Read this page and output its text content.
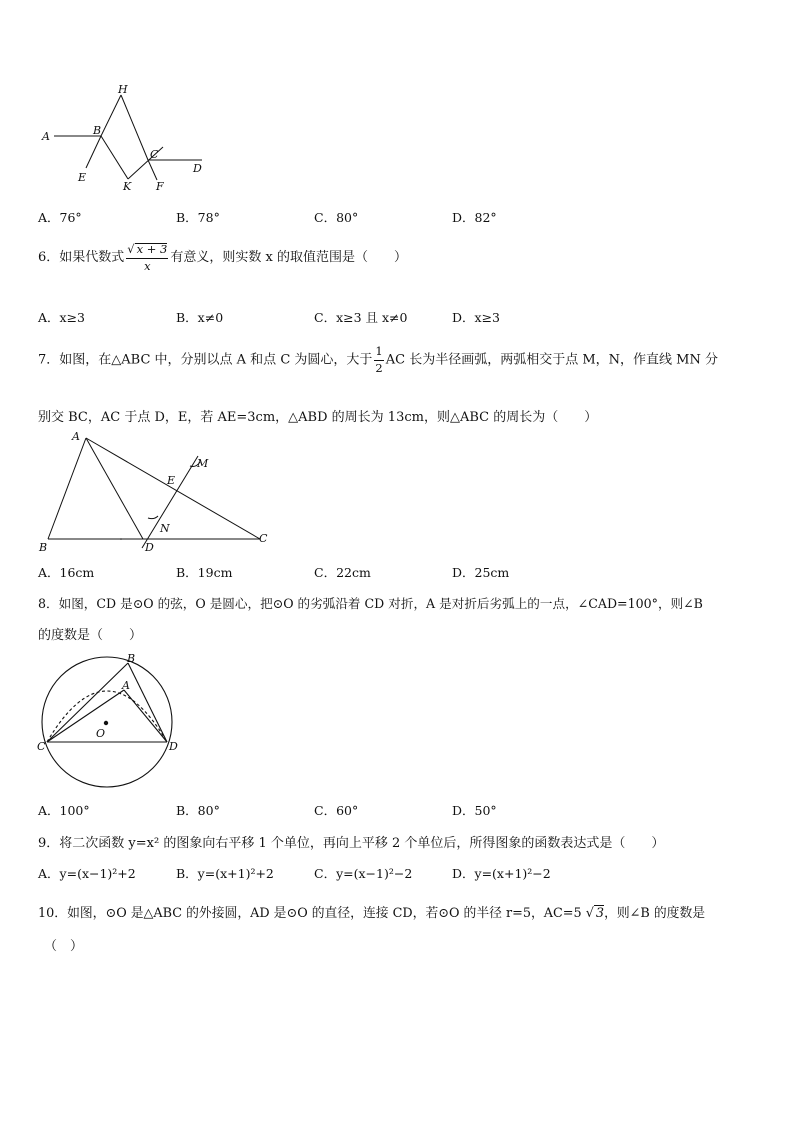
A	B
H
C
D
E
K F
A．76°	B．78°	C．80°	D．82°
6．如果代数式 $\frac{√ x + 3}{x}$ 有意义，则实数 x 的取值范围是（　　）
A．x≥3	B．x≠0	C．x≥3 且 x≠0	D．x≥3
7．如图，在△ABC 中，分别以点 A 和点 C 为圆心，大于 $\frac{1}{2}$ AC 长为半径画弧，两弧相交于点 M，N，作直线 MN 分
别交 BC，AC 于点 D，E，若 AE=3cm，△ABD 的周长为 13cm，则△ABC 的周长为（　　）
A
B
C
D
E
M
N
A．16cm	B．19cm	C．22cm	D．25cm
8．如图，CD 是⊙O 的弦，O 是圆心，把⊙O 的劣弧沿着 CD 对折，A 是对折后劣弧上的一点，∠CAD=100°，则∠B
的度数是（　　）
B
A
O
C	D
A．100°	B．80°	C．60°	D．50°
9．将二次函数 y=x² 的图象向右平移 1 个单位，再向上平移 2 个单位后，所得图象的函数表达式是（　　）
A．y=(x−1)²+2	B．y=(x+1)²+2	C．y=(x−1)²−2	D．y=(x+1)²−2
10．如图，⊙O 是△ABC 的外接圆，AD 是⊙O 的直径，连接 CD，若⊙O 的半径 r=5，AC=5 √ 3，则∠B 的度数是
（　）
